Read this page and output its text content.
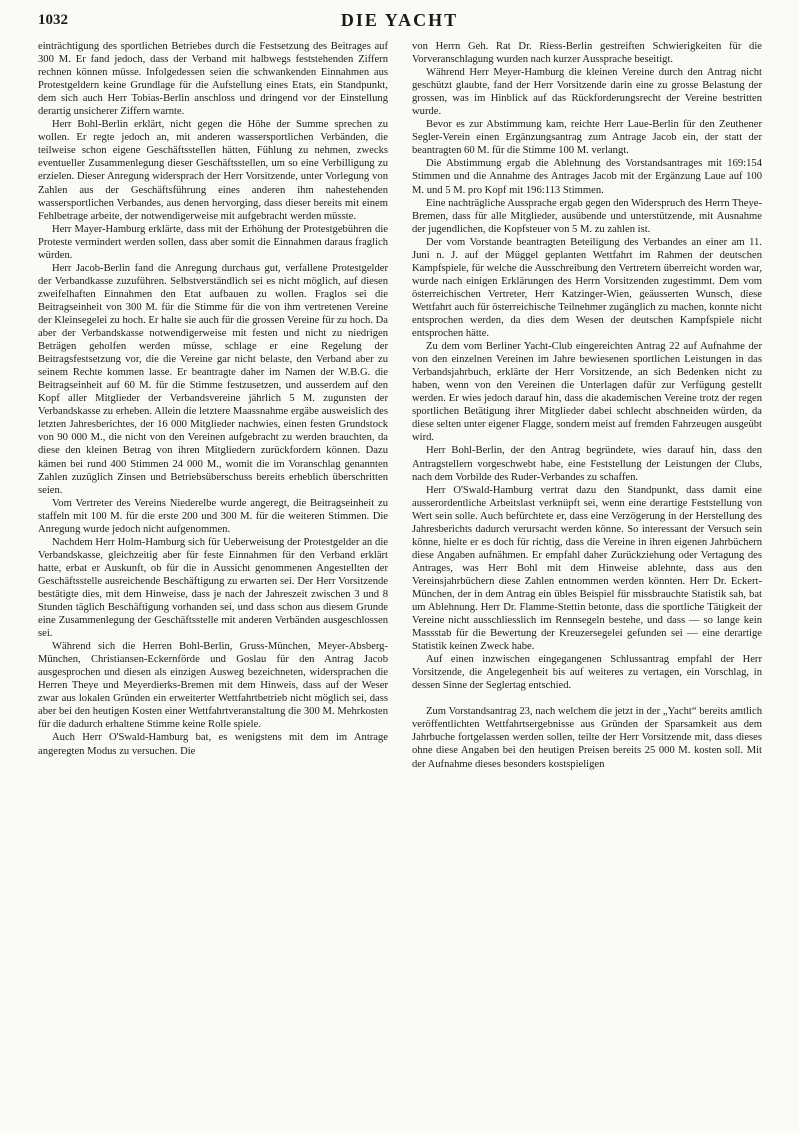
1032	DIE YACHT

einträchtigung des sportlichen Betriebes durch die Festsetzung des Beitrages auf 300 M. Er fand jedoch, dass der Verband mit halbwegs feststehenden Ziffern rechnen können müsse. Infolgedessen seien die schwankenden Einnahmen aus Protestgeldern keine Grundlage für die Aufstellung eines Etats, ein Standpunkt, dem sich auch Herr Tobias-Berlin anschloss und dringend vor der Einstellung derartig unsicherer Ziffern warnte.

Herr Bohl-Berlin erklärt, nicht gegen die Höhe der Summe sprechen zu wollen. Er regte jedoch an, mit anderen wassersportlichen Verbänden, die teilweise schon eigene Geschäftsstellen hätten, Fühlung zu nehmen, zwecks eventueller Zusammenlegung dieser Geschäftsstellen, um so eine Verbilligung zu erzielen. Dieser Anregung widersprach der Herr Vorsitzende, unter Vorlegung von Zahlen aus der Geschäftsführung eines anderen ihm nahestehenden wassersportlichen Verbandes, aus denen hervorging, dass dieser bereits mit einem Fehlbetrage arbeite, der notwendigerweise mit aufgebracht werden müsste.

Herr Mayer-Hamburg erklärte, dass mit der Erhöhung der Protestgebühren die Proteste vermindert werden sollen, dass aber somit die Einnahmen daraus fraglich würden.

Herr Jacob-Berlin fand die Anregung durchaus gut, verfallene Protestgelder der Verbandkasse zuzuführen. Selbstverständlich sei es nicht möglich, auf diesen zweifelhaften Einnahmen den Etat aufbauen zu wollen. Fraglos sei die Beitragseinheit von 300 M. für die Stimme für die von ihm vertretenen Vereine der Kleinsegelei zu hoch. Er halte sie auch für die grossen Vereine für zu hoch. Da aber der Verbandskasse notwendigerweise mit festen und nicht zu niedrigen Beträgen geholfen werden müsse, schlage er eine Regelung der Beitragsfestsetzung vor, die die Vereine gar nicht belaste, den Verband aber zu seinem Rechte kommen lasse. Er beantragte daher im Namen der W.B.G. die Beitragseinheit auf 60 M. für die Stimme festzusetzen, und ausserdem auf den Kopf aller Mitglieder der Verbandsvereine jährlich 5 M. zugunsten der Verbandskasse zu erheben. Allein die letztere Maassnahme ergäbe ausweislich des letzten Jahresberichtes, der 16 000 Mitglieder nachwies, einen festen Grundstock von 90 000 M., die nicht von den Vereinen aufgebracht zu werden brauchten, da diese den kleinen Betrag von ihren Mitgliedern zurückfordern können. Dazu kämen bei rund 400 Stimmen 24 000 M., womit die im Voranschlag genannten Zahlen zuzüglich Zinsen und Betriebsüberschuss bereits erheblich überschritten seien.

Vom Vertreter des Vereins Niederelbe wurde angeregt, die Beitragseinheit zu staffeln mit 100 M. für die erste 200 und 300 M. für die weiteren Stimmen. Die Anregung wurde jedoch nicht aufgenommen.

Nachdem Herr Holm-Hamburg sich für Ueberweisung der Protestgelder an die Verbandskasse, gleichzeitig aber für feste Einnahmen für den Verband erklärt hatte, erbat er Auskunft, ob für die in Aussicht genommenen Angestellten der Geschäftsstelle ausreichende Beschäftigung zu erwarten sei. Der Herr Vorsitzende bestätigte dies, mit dem Hinweise, dass je nach der Jahreszeit zwischen 3 und 8 Stunden täglich Beschäftigung vorhanden sei, und dass schon aus diesem Grunde eine Zusammenlegung der Geschäftsstelle mit anderen Verbänden ausgeschlossen sei.

Während sich die Herren Bohl-Berlin, Gruss-München, Meyer-Absberg-München, Christiansen-Eckernförde und Goslau für den Antrag Jacob ausgesprochen und diesen als einzigen Ausweg bezeichneten, widersprachen die Herren Theye und Meyerdierks-Bremen mit dem Hinweis, dass auf der Weser zwar aus lokalen Gründen ein erweiterter Wettfahrtbetrieb nicht möglich sei, dass aber bei den heutigen Kosten einer Wettfahrtveranstaltung die 300 M. Mehrkosten für die dadurch erhaltene Stimme keine Rolle spiele.

Auch Herr O'Swald-Hamburg bat, es wenigstens mit dem im Antrage angeregten Modus zu versuchen. Die

von Herrn Geh. Rat Dr. Riess-Berlin gestreiften Schwierigkeiten für die Vorveranschlagung wurden nach kurzer Aussprache beseitigt.

Während Herr Meyer-Hamburg die kleinen Vereine durch den Antrag nicht geschützt glaubte, fand der Herr Vorsitzende darin eine zu grosse Belastung der grossen, was im Hinblick auf das Rückforderungsrecht der Vereine bestritten wurde.

Bevor es zur Abstimmung kam, reichte Herr Laue-Berlin für den Zeuthener Segler-Verein einen Ergänzungsantrag zum Antrage Jacob ein, der statt der beantragten 60 M. für die Stimme 100 M. verlangt.

Die Abstimmung ergab die Ablehnung des Vorstandsantrages mit 169:154 Stimmen und die Annahme des Antrages Jacob mit der Ergänzung Laue auf 100 M. und 5 M. pro Kopf mit 196:113 Stimmen.

Eine nachträgliche Aussprache ergab gegen den Widerspruch des Herrn Theye-Bremen, dass für alle Mitglieder, ausübende und unterstützende, mit Ausnahme der jugendlichen, die Kopfsteuer von 5 M. zu zahlen ist.

Der vom Vorstande beantragten Beteiligung des Verbandes an einer am 11. Juni n. J. auf der Müggel geplanten Wettfahrt im Rahmen der deutschen Kampfspiele, für welche die Ausschreibung den Vertretern überreicht worden war, wurde nach einigen Erklärungen des Herrn Vorsitzenden zugestimmt. Dem vom österreichischen Vertreter, Herr Katzinger-Wien, geäusserten Wunsch, diese Wettfahrt auch für österreichische Teilnehmer zugänglich zu machen, konnte nicht entsprochen werden, da dies dem Wesen der deutschen Kampfspiele nicht entsprochen hätte.

Zu dem vom Berliner Yacht-Club eingereichten Antrag 22 auf Aufnahme der von den einzelnen Vereinen im Jahre bewiesenen sportlichen Leistungen in das Verbandsjahrbuch, erklärte der Herr Vorsitzende, an sich Bedenken nicht zu haben, wenn von den Vereinen die Unterlagen dafür zur Verfügung gestellt werden. Er wies jedoch darauf hin, dass die akademischen Vereine trotz der regen sportlichen Betätigung ihrer Mitglieder dabei schlecht abschneiden würden, da diese selten unter eigener Flagge, sondern meist auf fremden Fahrzeugen ausgeübt wird.

Herr Bohl-Berlin, der den Antrag begründete, wies darauf hin, dass den Antragstellern vorgeschwebt habe, eine Feststellung der Leistungen der Clubs, nach dem Vorbilde des Ruder-Verbandes zu schaffen.

Herr O'Swald-Hamburg vertrat dazu den Standpunkt, dass damit eine ausserordentliche Arbeitslast verknüpft sei, wenn eine derartige Feststellung von Wert sein solle. Auch befürchtete er, dass eine Verzögerung in der Herstellung des Jahresberichts dadurch verursacht werden könne. So interessant der Versuch sein könne, hielte er es doch für richtig, dass die Vereine in ihren eigenen Jahrbüchern diese Angaben aufnähmen. Er empfahl daher Zurückziehung oder Vertagung des Antrages, was Herr Bohl mit dem Hinweise ablehnte, dass aus den Vereinsjahrbüchern diese Zahlen entnommen werden könnten. Herr Dr. Eckert-München, der in dem Antrag ein übles Beispiel für missbrauchte Statistik sah, bat um Ablehnung. Herr Dr. Flamme-Stettin betonte, dass die sportliche Tätigkeit der Vereine nicht ausschliesslich im Rennsegeln bestehe, und dass — so lange kein Massstab für die Bewertung der Kreuzersegelei gefunden sei — eine derartige Statistik keinen Zweck habe.

Auf einen inzwischen eingegangenen Schlussantrag empfahl der Herr Vorsitzende, die Angelegenheit bis auf weiteres zu vertagen, ein Vorschlag, in dessen Sinne der Seglertag entschied.

Zum Vorstandsantrag 23, nach welchem die jetzt in der „Yacht“ bereits amtlich veröffentlichten Wettfahrtsergebnisse aus Gründen der Sparsamkeit aus dem Jahrbuche fortgelassen werden sollen, teilte der Herr Vorsitzende mit, dass dieses ohne diese Angaben bei den heutigen Preisen bereits 25 000 M. kosten soll. Mit der Aufnahme dieses besonders kostspieligen
